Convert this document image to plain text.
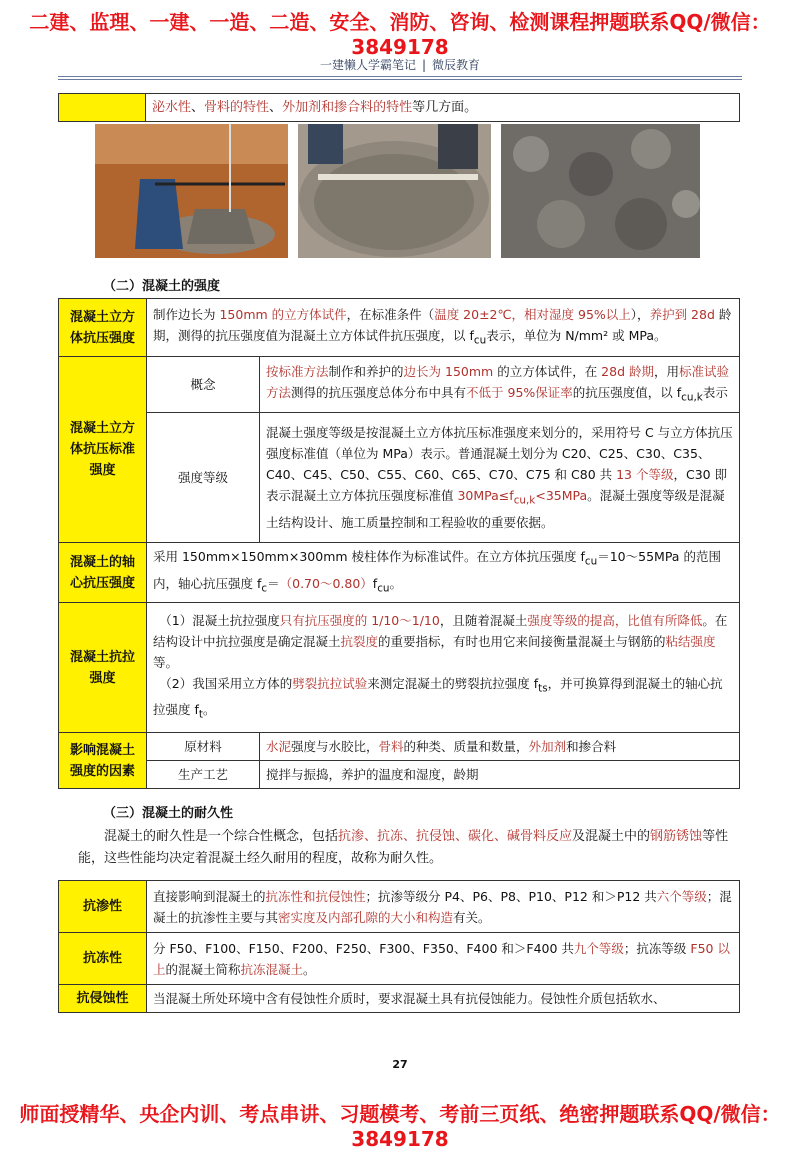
二建、监理、一建、一造、二造、安全、消防、咨询、检测课程押题联系QQ/微信：3849178
一建懒人学霸笔记 | 微辰教育
	泌水性、骨料的特性、外加剂和掺合料的特性等几方面。
（二）混凝土的强度
混凝土立方体抗压强度	制作边长为 150mm 的立方体试件，在标准条件（温度 20±2℃，相对湿度 95%以上），养护到 28d 龄期，测得的抗压强度值为混凝土立方体试件抗压强度，以 $f_{cu}$表示，单位为 N/mm² 或 MPa。	
混凝土立方体抗压标准强度	概念	按标准方法制作和养护的边长为 150mm 的立方体试件，在 28d 龄期，用标准试验方法测得的抗压强度总体分布中具有不低于 95%保证率的抗压强度值，以 $f_{cu,k}$表示
	强度等级	混凝土强度等级是按混凝土立方体抗压标准强度来划分的，采用符号 C 与立方体抗压强度标准值（单位为 MPa）表示。普通混凝土划分为 C20、C25、C30、C35、C40、C45、C50、C55、C60、C65、C70、C75 和 C80 共 13 个等级，C30 即表示混凝土立方体抗压强度标准值 $30MPa\le f_{cu,k}<35MPa$。混凝土强度等级是混凝土结构设计、施工质量控制和工程验收的重要依据。
混凝土的轴心抗压强度	采用 150mm×150mm×300mm 棱柱体作为标准试件。在立方体抗压强度 $f_{cu}=10\sim 55MPa$ 的范围内，轴心抗压强度 $f_c=(0.70\sim 0.80)f_{cu}$。	
混凝土抗拉强度	（1）混凝土抗拉强度只有抗压强度的 1/10～1/10，且随着混凝土强度等级的提高，比值有所降低。在结构设计中抗拉强度是确定混凝土抗裂度的重要指标，有时也用它来间接衡量混凝土与钢筋的粘结强度等。
（2）我国采用立方体的劈裂抗拉试验来测定混凝土的劈裂抗拉强度 $f_{ts}$，并可换算得到混凝土的轴心抗拉强度 $f_t$。	

影响混凝土强度的因素	原材料	水泥强度与水胶比，骨料的种类、质量和数量，外加剂和掺合料
	生产工艺	搅拌与振捣，养护的温度和湿度，龄期
（三）混凝土的耐久性
混凝土的耐久性是一个综合性概念，包括抗渗、抗冻、抗侵蚀、碳化、碱骨料反应及混凝土中的钢筋锈蚀等性能，这些性能均决定着混凝土经久耐用的程度，故称为耐久性。
抗渗性	直接影响到混凝土的抗冻性和抗侵蚀性；抗渗等级分 P4、P6、P8、P10、P12 和＞P12 共六个等级；混凝土的抗渗性主要与其密实度及内部孔隙的大小和构造有关。
抗冻性	分 F50、F100、F150、F200、F250、F300、F350、F400 和＞F400 共九个等级；抗冻等级 F50 以上的混凝土简称抗冻混凝土。
抗侵蚀性	当混凝土所处环境中含有侵蚀性介质时，要求混凝土具有抗侵蚀能力。侵蚀性介质包括软水、
27
师面授精华、央企内训、考点串讲、习题模考、考前三页纸、绝密押题联系QQ/微信：3849178
